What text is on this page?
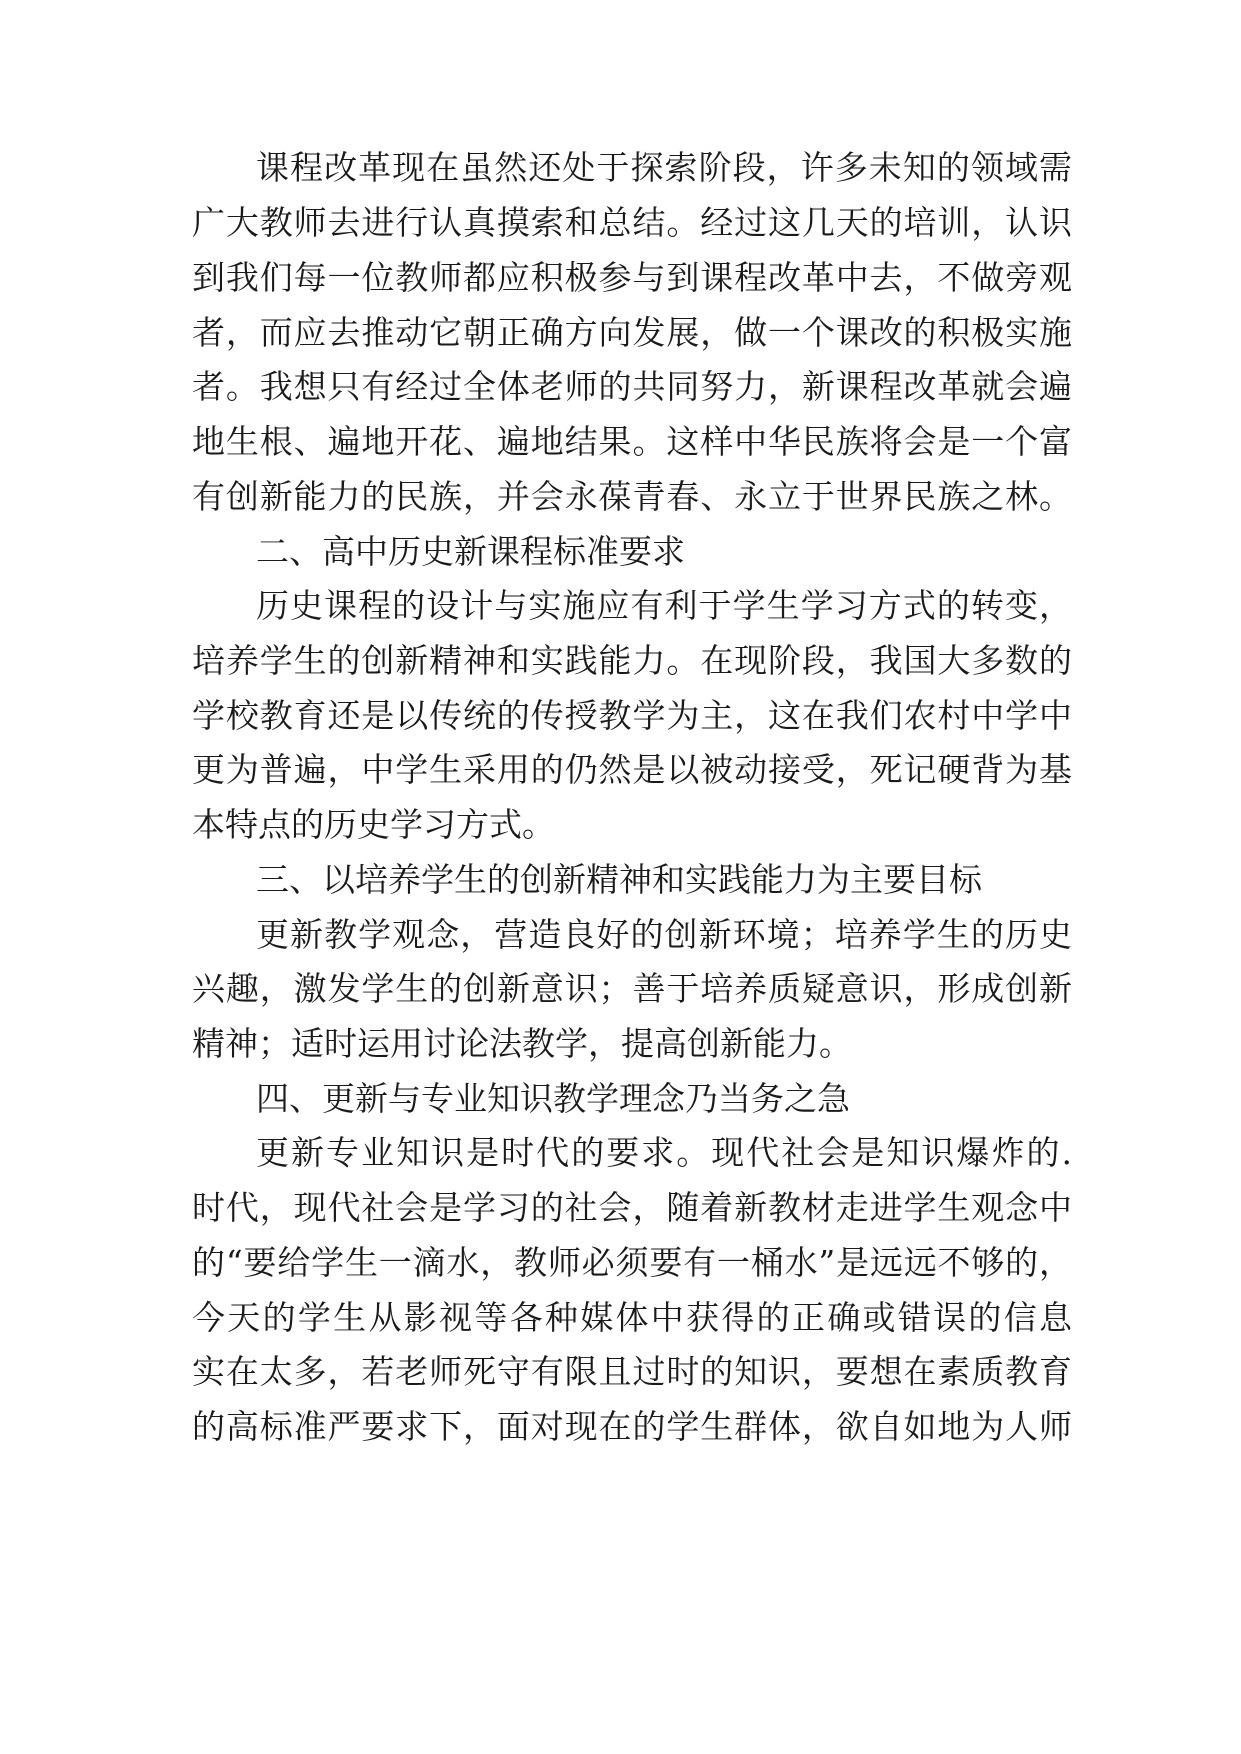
课程改革现在虽然还处于探索阶段，许多未知的领域需
广大教师去进行认真摸索和总结。经过这几天的培训，认识
到我们每一位教师都应积极参与到课程改革中去，不做旁观
者，而应去推动它朝正确方向发展，做一个课改的积极实施
者。我想只有经过全体老师的共同努力，新课程改革就会遍
地生根、遍地开花、遍地结果。这样中华民族将会是一个富
有创新能力的民族，并会永葆青春、永立于世界民族之林。
二、高中历史新课程标准要求
历史课程的设计与实施应有利于学生学习方式的转变，
培养学生的创新精神和实践能力。在现阶段，我国大多数的
学校教育还是以传统的传授教学为主，这在我们农村中学中
更为普遍，中学生采用的仍然是以被动接受，死记硬背为基
本特点的历史学习方式。
三、以培养学生的创新精神和实践能力为主要目标
更新教学观念，营造良好的创新环境；培养学生的历史
兴趣，激发学生的创新意识；善于培养质疑意识，形成创新
精神；适时运用讨论法教学，提高创新能力。
四、更新与专业知识教学理念乃当务之急
更新专业知识是时代的要求。现代社会是知识爆炸的.
时代，现代社会是学习的社会，随着新教材走进学生观念中
的“要给学生一滴水，教师必须要有一桶水”是远远不够的，
今天的学生从影视等各种媒体中获得的正确或错误的信息
实在太多，若老师死守有限且过时的知识，要想在素质教育
的高标准严要求下，面对现在的学生群体，欲自如地为人师
